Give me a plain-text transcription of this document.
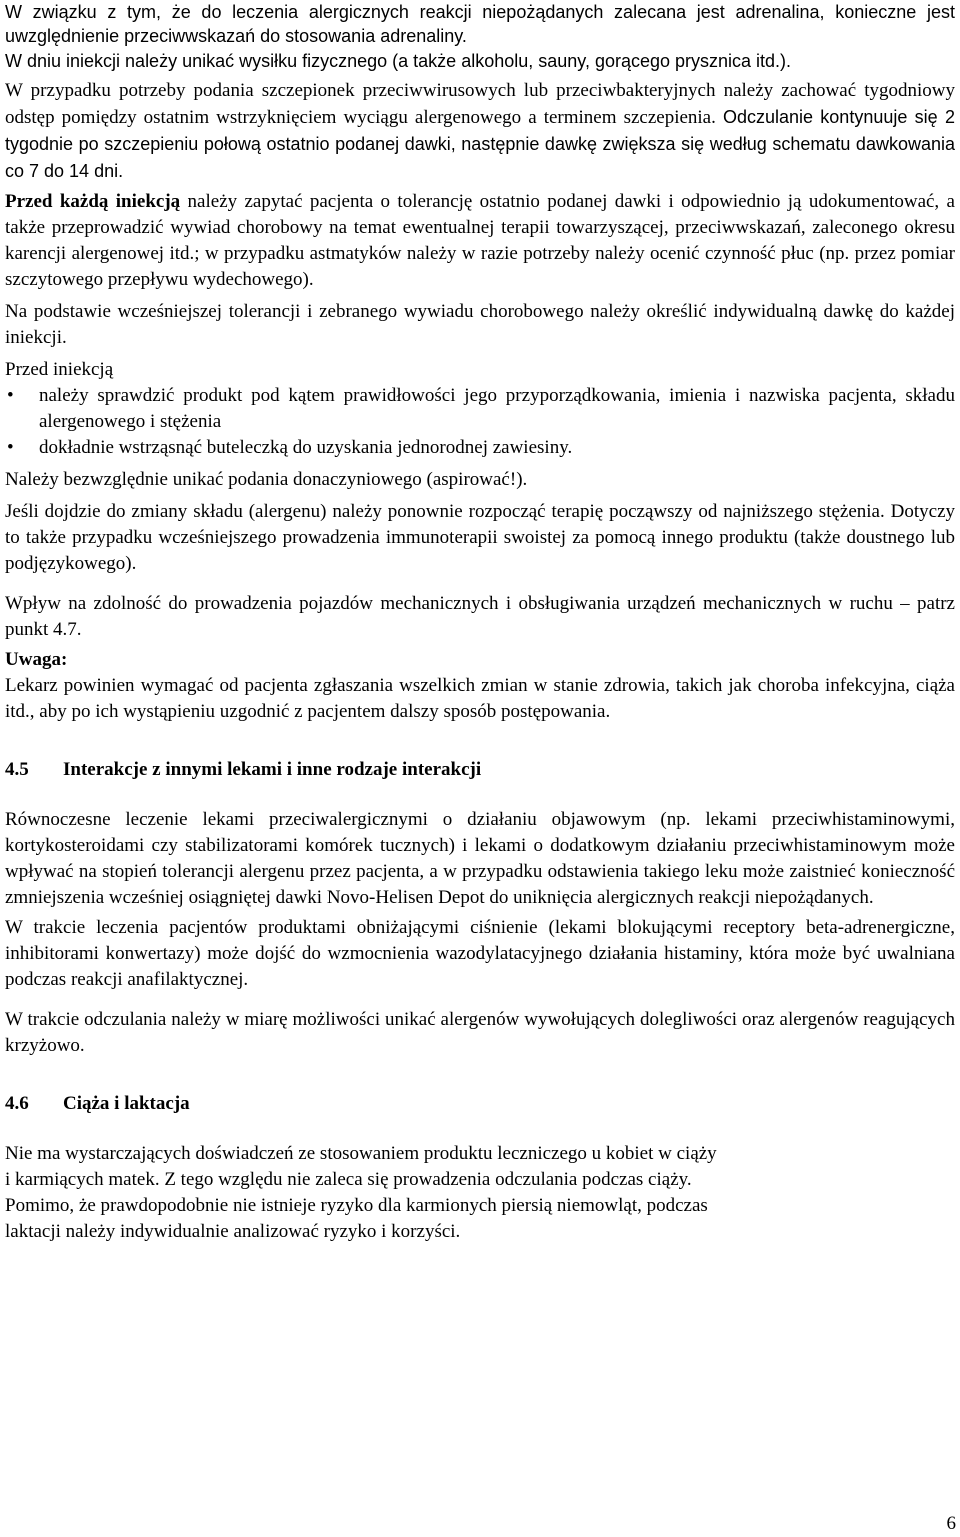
W związku z tym, że do leczenia alergicznych reakcji niepożądanych zalecana jest adrenalina, konieczne jest uwzględnienie przeciwwskazań do stosowania adrenaliny.

W dniu iniekcji należy unikać wysiłku fizycznego (a także alkoholu, sauny, gorącego prysznica itd.).

W przypadku potrzeby podania szczepionek przeciwwirusowych lub przeciwbakteryjnych należy zachować tygodniowy odstęp pomiędzy ostatnim wstrzyknięciem wyciągu alergenowego a terminem szczepienia. Odczulanie kontynuuje się 2 tygodnie po szczepieniu połową ostatnio podanej dawki, następnie dawkę zwiększa się według schematu dawkowania co 7 do 14 dni.

Przed każdą iniekcją należy zapytać pacjenta o tolerancję ostatnio podanej dawki i odpowiednio ją udokumentować, a także przeprowadzić wywiad chorobowy na temat ewentualnej terapii towarzyszącej, przeciwwskazań, zaleconego okresu karencji alergenowej itd.; w przypadku astmatyków należy w razie potrzeby należy ocenić czynność płuc (np. przez pomiar szczytowego przepływu wydechowego).

Na podstawie wcześniejszej tolerancji i zebranego wywiadu chorobowego należy określić indywidualną dawkę do każdej iniekcji.

Przed iniekcją

• należy sprawdzić produkt pod kątem prawidłowości jego przyporządkowania, imienia i nazwiska pacjenta, składu alergenowego i stężenia
• dokładnie wstrząsnąć buteleczką do uzyskania jednorodnej zawiesiny.

Należy bezwzględnie unikać podania donaczyniowego (aspirować!).

Jeśli dojdzie do zmiany składu (alergenu) należy ponownie rozpocząć terapię począwszy od najniższego stężenia. Dotyczy to także przypadku wcześniejszego prowadzenia immunoterapii swoistej za pomocą innego produktu (także doustnego lub podjęzykowego).

Wpływ na zdolność do prowadzenia pojazdów mechanicznych i obsługiwania urządzeń mechanicznych w ruchu – patrz punkt 4.7.

Uwaga:

Lekarz powinien wymagać od pacjenta zgłaszania wszelkich zmian w stanie zdrowia, takich jak choroba infekcyjna, ciąża itd., aby po ich wystąpieniu uzgodnić z pacjentem dalszy sposób postępowania.

4.5 Interakcje z innymi lekami i inne rodzaje interakcji

Równoczesne leczenie lekami przeciwalergicznymi o działaniu objawowym (np. lekami przeciwhistaminowymi, kortykosteroidami czy stabilizatorami komórek tucznych) i lekami o dodatkowym działaniu przeciwhistaminowym może wpływać na stopień tolerancji alergenu przez pacjenta, a w przypadku odstawienia takiego leku może zaistnieć konieczność zmniejszenia wcześniej osiągniętej dawki Novo-Helisen Depot do uniknięcia alergicznych reakcji niepożądanych.

W trakcie leczenia pacjentów produktami obniżającymi ciśnienie (lekami blokującymi receptory beta-adrenergiczne, inhibitorami konwertazy) może dojść do wzmocnienia wazodylatacyjnego działania histaminy, która może być uwalniana podczas reakcji anafilaktycznej.

W trakcie odczulania należy w miarę możliwości unikać alergenów wywołujących dolegliwości oraz alergenów reagujących krzyżowo.

4.6 Ciąża i laktacja

Nie ma wystarczających doświadczeń ze stosowaniem produktu leczniczego u kobiet w ciąży

i karmiących matek. Z tego względu nie zaleca się prowadzenia odczulania podczas ciąży.

Pomimo, że prawdopodobnie nie istnieje ryzyko dla karmionych piersią niemowląt, podczas

laktacji należy indywidualnie analizować ryzyko i korzyści.

6
